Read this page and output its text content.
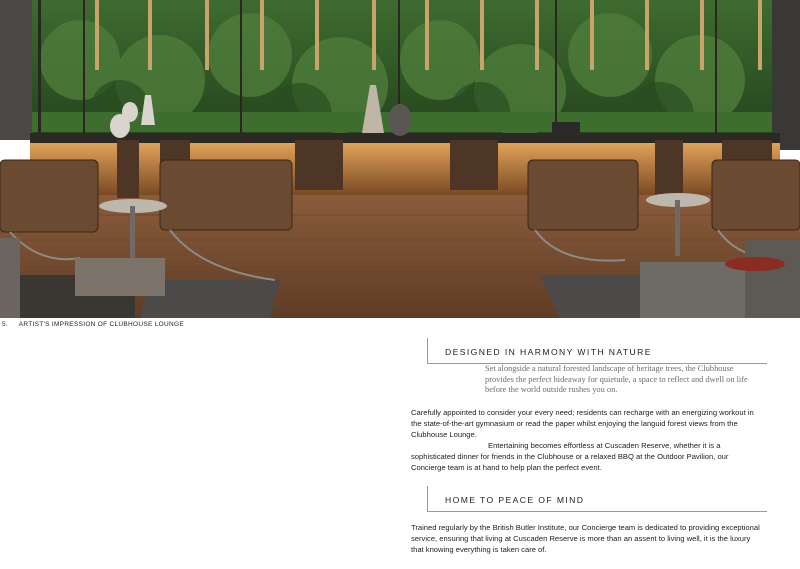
5. ARTIST'S IMPRESSION OF CLUBHOUSE LOUNGE
DESIGNED IN HARMONY WITH NATURE
Set alongside a natural forested landscape of heritage trees, the Clubhouse provides the perfect hideaway for quietude, a space to reflect and dwell on life before the world outside rushes you on.
Carefully appointed to consider your every need; residents can recharge with an energizing workout in the state-of-the-art gymnasium or read the paper whilst enjoying the languid forest views from the Clubhouse Lounge.
Entertaining becomes effortless at Cuscaden Reserve, whether it is a sophisticated dinner for friends in the Clubhouse or a relaxed BBQ at the Outdoor Pavilion, our Concierge team is at hand to help plan the perfect event.
HOME TO PEACE OF MIND
Trained regularly by the British Butler Institute, our Concierge team is dedicated to providing exceptional service, ensuring that living at Cuscaden Reserve is more than an assent to living well, it is the luxury that knowing everything is taken care of.
